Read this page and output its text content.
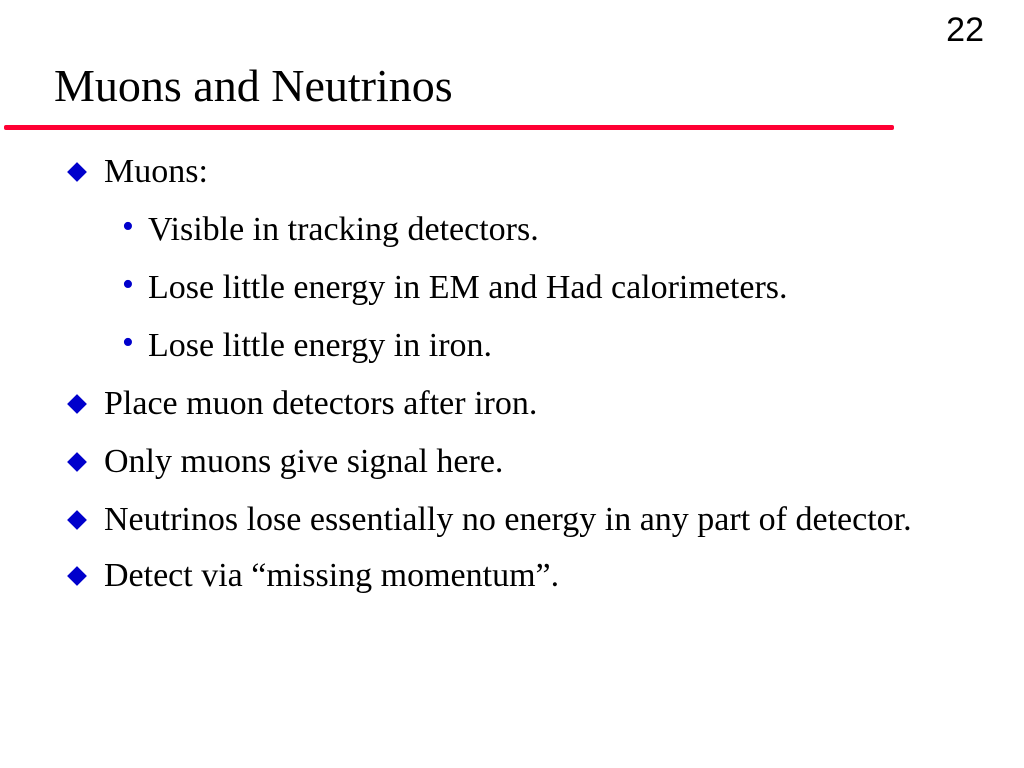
22
Muons and Neutrinos
Muons:
• Visible in tracking detectors.
• Lose little energy in EM and Had calorimeters.
• Lose little energy in iron.
Place muon detectors after iron.
Only muons give signal here.
Neutrinos lose essentially no energy in any part of detector.
Detect via “missing momentum”.
